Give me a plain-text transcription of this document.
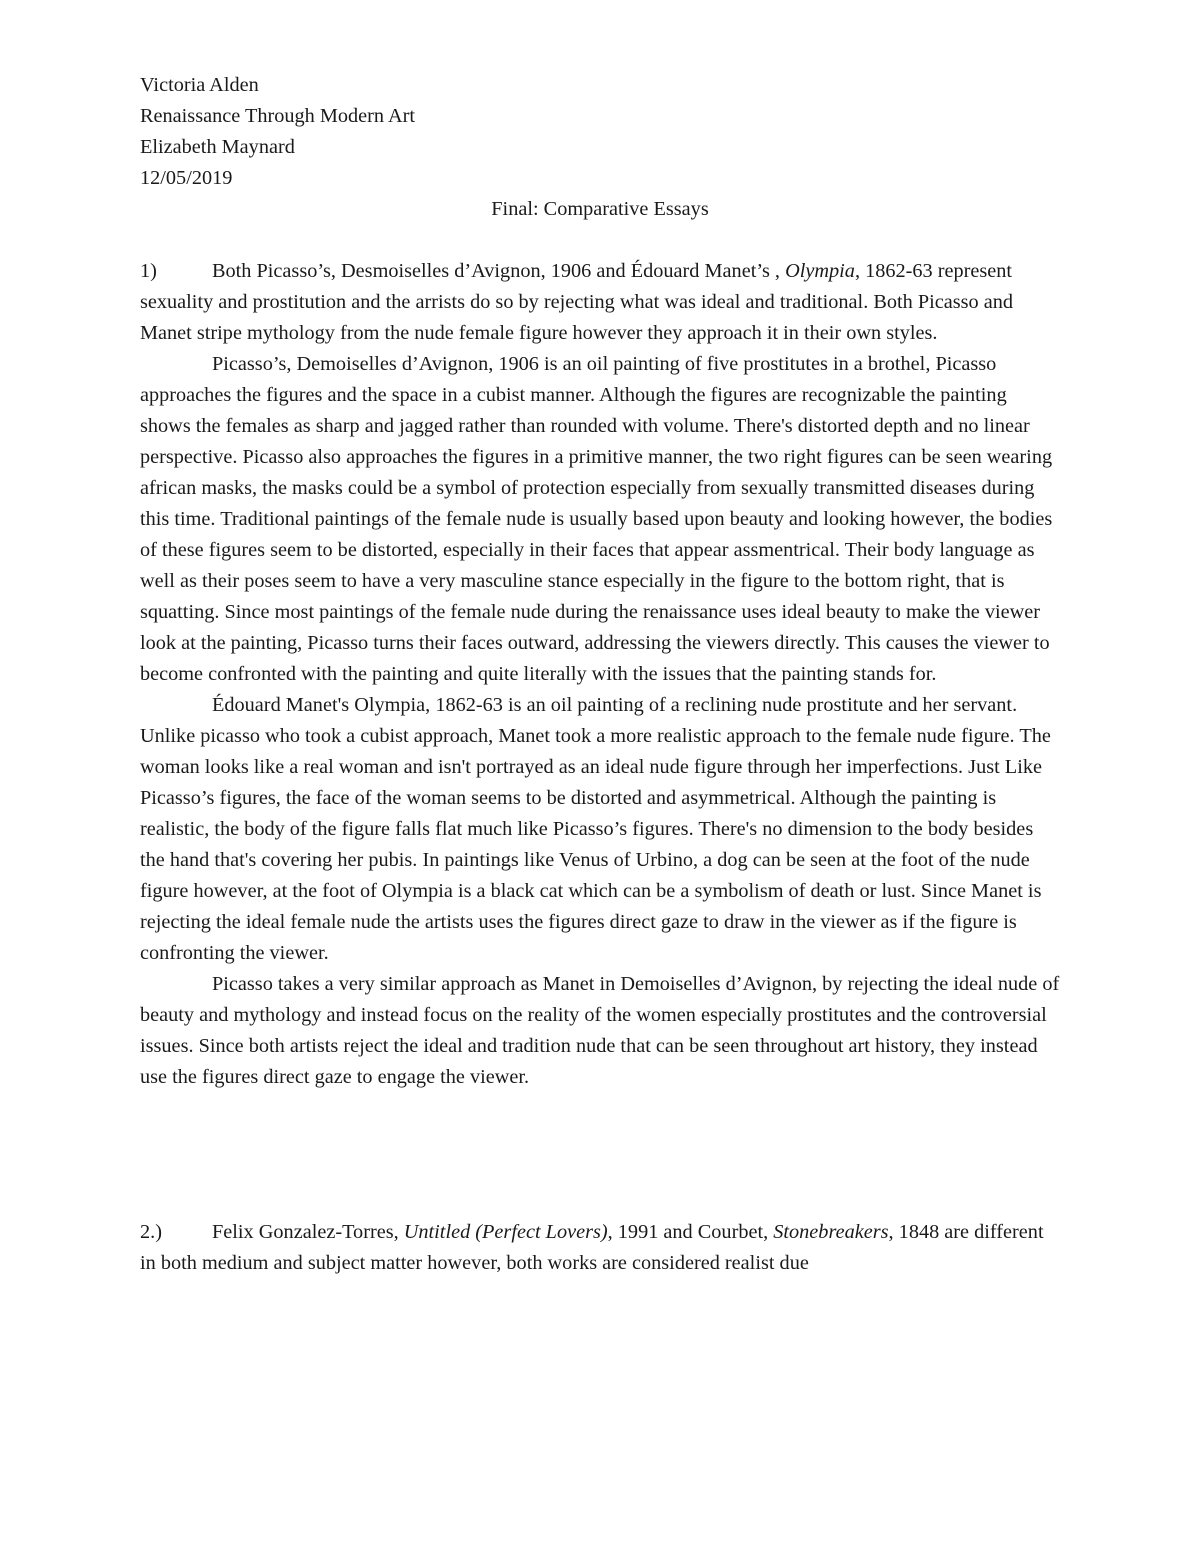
Victoria Alden
Renaissance Through Modern Art
Elizabeth Maynard
12/05/2019

Final: Comparative Essays

1)	Both Picasso’s, Desmoiselles d’Avignon, 1906 and Édouard Manet’s , Olympia, 1862-63 represent sexuality and prostitution and the arrists do so by rejecting what was ideal and traditional. Both Picasso and Manet stripe mythology from the nude female figure however they approach it in their own styles.

Picasso’s, Demoiselles d’Avignon, 1906 is an oil painting of five prostitutes in a brothel, Picasso approaches the figures and the space in a cubist manner. Although the figures are recognizable the painting shows the females as sharp and jagged rather than rounded with volume. There's distorted depth and no linear perspective. Picasso also approaches the figures in a primitive manner, the two right figures can be seen wearing african masks, the masks could be a symbol of protection especially from sexually transmitted diseases during this time. Traditional paintings of the female nude is usually based upon beauty and looking however, the bodies of these figures seem to be distorted, especially in their faces that appear assmentrical. Their body language as well as their poses seem to have a very masculine stance especially in the figure to the bottom right, that is squatting. Since most paintings of the female nude during the renaissance uses ideal beauty to make the viewer look at the painting, Picasso turns their faces outward, addressing the viewers directly. This causes the viewer to become confronted with the painting and quite literally with the issues that the painting stands for.

Édouard Manet's Olympia, 1862-63 is an oil painting of a reclining nude prostitute and her servant. Unlike picasso who took a cubist approach, Manet took a more realistic approach to the female nude figure. The woman looks like a real woman and isn't portrayed as an ideal nude figure through her imperfections. Just Like Picasso’s figures, the face of the woman seems to be distorted and asymmetrical. Although the painting is realistic, the body of the figure falls flat much like Picasso’s figures. There's no dimension to the body besides the hand that's covering her pubis. In paintings like Venus of Urbino, a dog can be seen at the foot of the nude figure however, at the foot of Olympia is a black cat which can be a symbolism of death or lust. Since Manet is rejecting the ideal female nude the artists uses the figures direct gaze to draw in the viewer as if the figure is confronting the viewer.

Picasso takes a very similar approach as Manet in Demoiselles d’Avignon, by rejecting the ideal nude of beauty and mythology and instead focus on the reality of the women especially prostitutes and the controversial issues. Since both artists reject the ideal and tradition nude that can be seen throughout art history, they instead use the figures direct gaze to engage the viewer.

2.) Felix Gonzalez-Torres, Untitled (Perfect Lovers), 1991 and Courbet, Stonebreakers, 1848 are different in both medium and subject matter however, both works are considered realist due
